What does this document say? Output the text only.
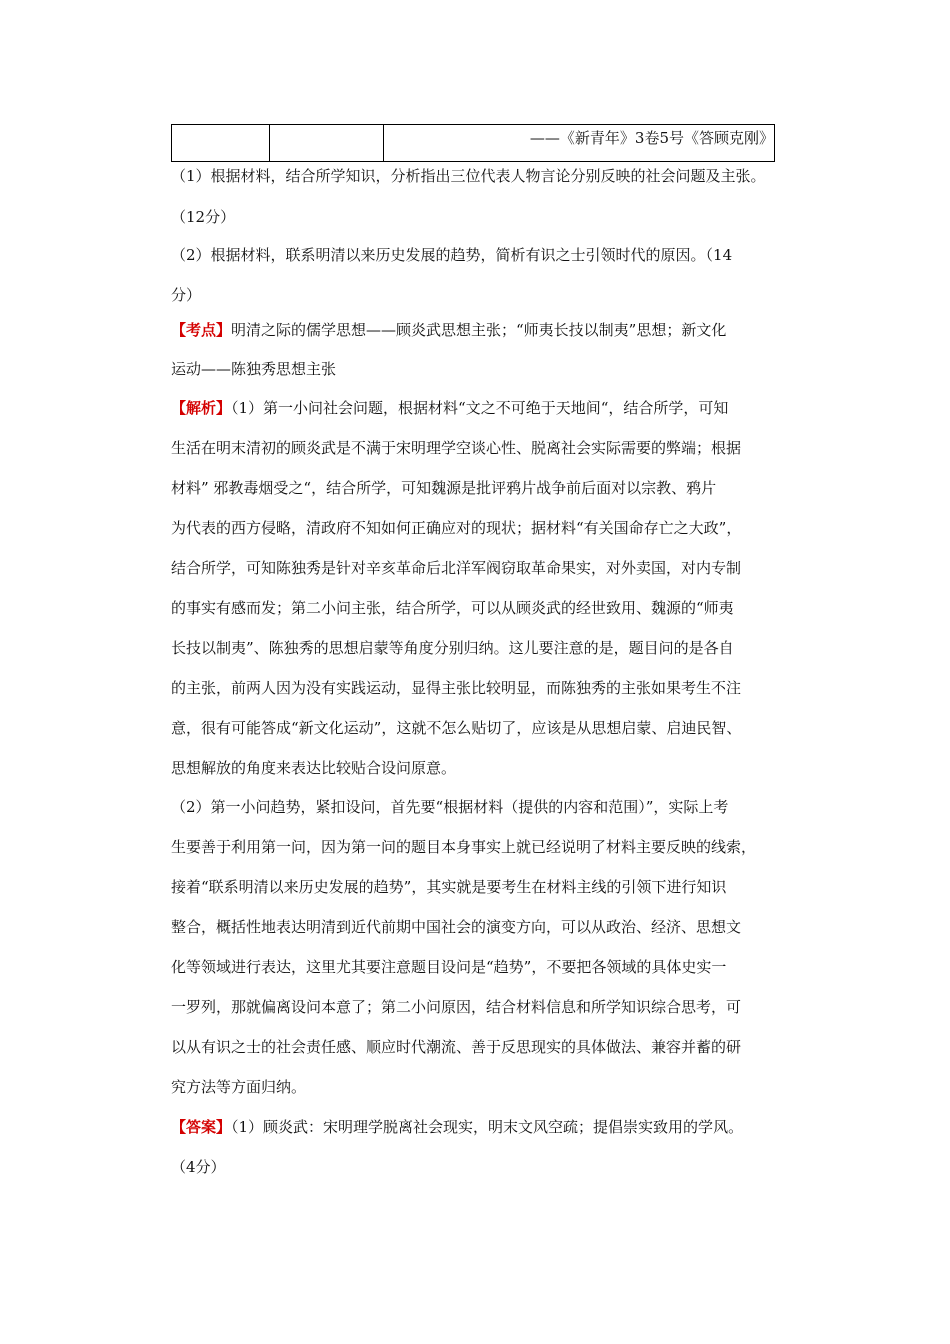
		——《新青年》3卷5号《答顾克刚》
（1）根据材料，结合所学知识，分析指出三位代表人物言论分别反映的社会问题及主张。
（12分）
（2）根据材料，联系明清以来历史发展的趋势，简析有识之士引领时代的原因。（14
分）
【考点】明清之际的儒学思想——顾炎武思想主张；“师夷长技以制夷”思想；新文化
运动——陈独秀思想主张
【解析】（1）第一小问社会问题，根据材料“文之不可绝于天地间“，结合所学，可知
生活在明末清初的顾炎武是不满于宋明理学空谈心性、脱离社会实际需要的弊端；根据
材料” 邪教毒烟受之“，结合所学，可知魏源是批评鸦片战争前后面对以宗教、鸦片
为代表的西方侵略，清政府不知如何正确应对的现状；据材料“有关国命存亡之大政”，
结合所学，可知陈独秀是针对辛亥革命后北洋军阀窃取革命果实，对外卖国，对内专制
的事实有感而发；第二小问主张，结合所学，可以从顾炎武的经世致用、魏源的“师夷
长技以制夷”、陈独秀的思想启蒙等角度分别归纳。这儿要注意的是，题目问的是各自
的主张，前两人因为没有实践运动，显得主张比较明显，而陈独秀的主张如果考生不注
意，很有可能答成“新文化运动”，这就不怎么贴切了，应该是从思想启蒙、启迪民智、
思想解放的角度来表达比较贴合设问原意。
（2）第一小问趋势，紧扣设问，首先要“根据材料（提供的内容和范围）”，实际上考
生要善于利用第一问，因为第一问的题目本身事实上就已经说明了材料主要反映的线索，
接着“联系明清以来历史发展的趋势”，其实就是要考生在材料主线的引领下进行知识
整合，概括性地表达明清到近代前期中国社会的演变方向，可以从政治、经济、思想文
化等领域进行表达，这里尤其要注意题目设问是“趋势”，不要把各领域的具体史实一
一罗列，那就偏离设问本意了；第二小问原因，结合材料信息和所学知识综合思考，可
以从有识之士的社会责任感、顺应时代潮流、善于反思现实的具体做法、兼容并蓄的研
究方法等方面归纳。
【答案】（1）顾炎武：宋明理学脱离社会现实，明末文风空疏；提倡崇实致用的学风。
（4分）
